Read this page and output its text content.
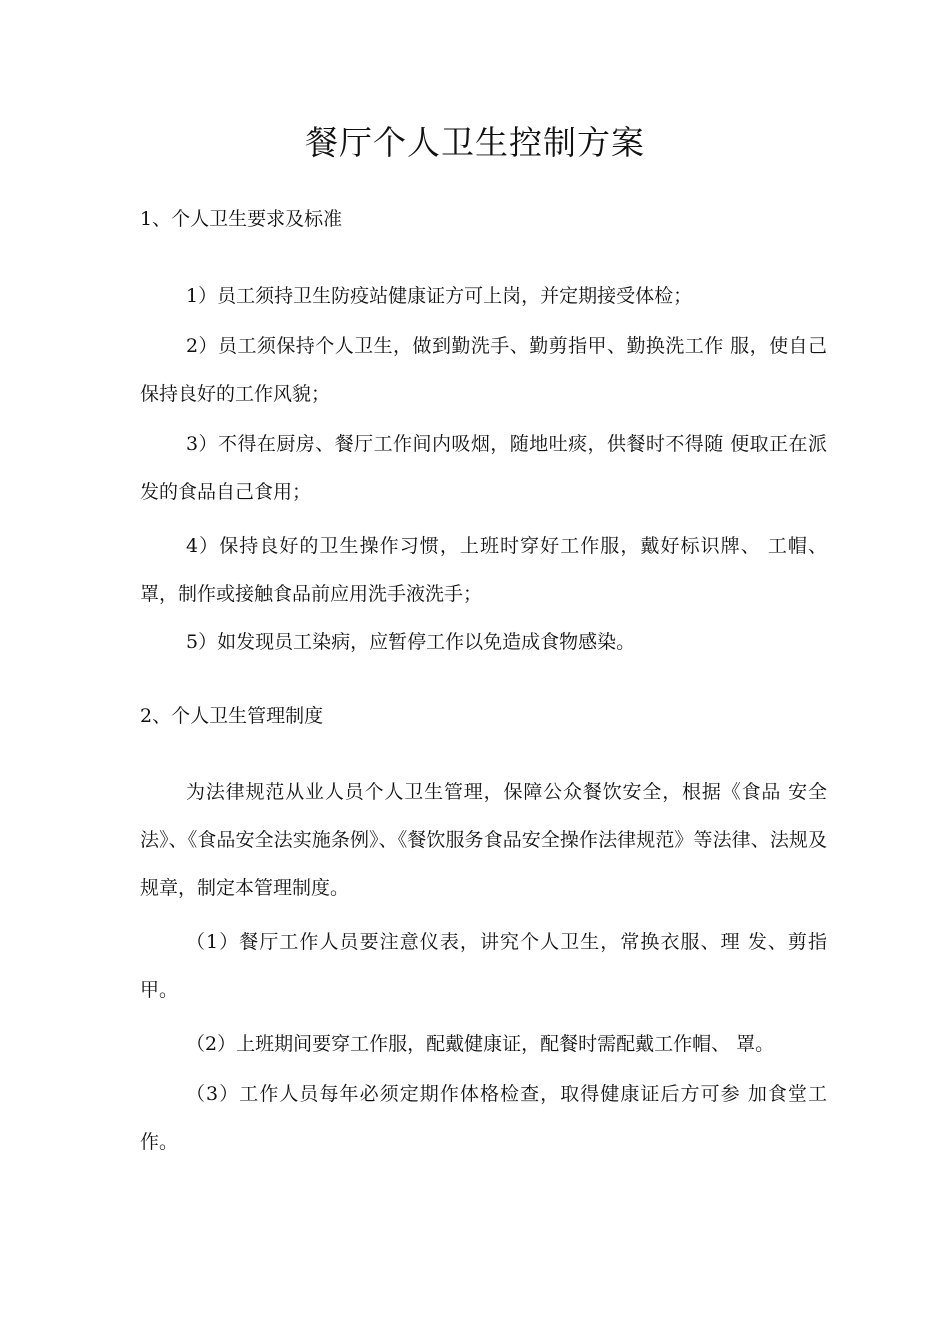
餐厅个人卫生控制方案
1、个人卫生要求及标准

1）员工须持卫生防疫站健康证方可上岗，并定期接受体检；

2）员工须保持个人卫生，做到勤洗手、勤剪指甲、勤换洗工作 服，使自己保持良好的工作风貌；

3）不得在厨房、餐厅工作间内吸烟，随地吐痰，供餐时不得随 便取正在派发的食品自己食用；

4）保持良好的卫生操作习惯，上班时穿好工作服，戴好标识牌、 工帽、罩，制作或接触食品前应用洗手液洗手；

5）如发现员工染病，应暂停工作以免造成食物感染。

2、个人卫生管理制度

为法律规范从业人员个人卫生管理，保障公众餐饮安全，根据《食品 安全法》、《食品安全法实施条例》、《餐饮服务食品安全操作法律规范》等法律、法规及规章，制定本管理制度。

（1）餐厅工作人员要注意仪表，讲究个人卫生，常换衣服、理 发、剪指甲。

（2）上班期间要穿工作服，配戴健康证，配餐时需配戴工作帽、 罩。

（3）工作人员每年必须定期作体格检查，取得健康证后方可参 加食堂工作。
